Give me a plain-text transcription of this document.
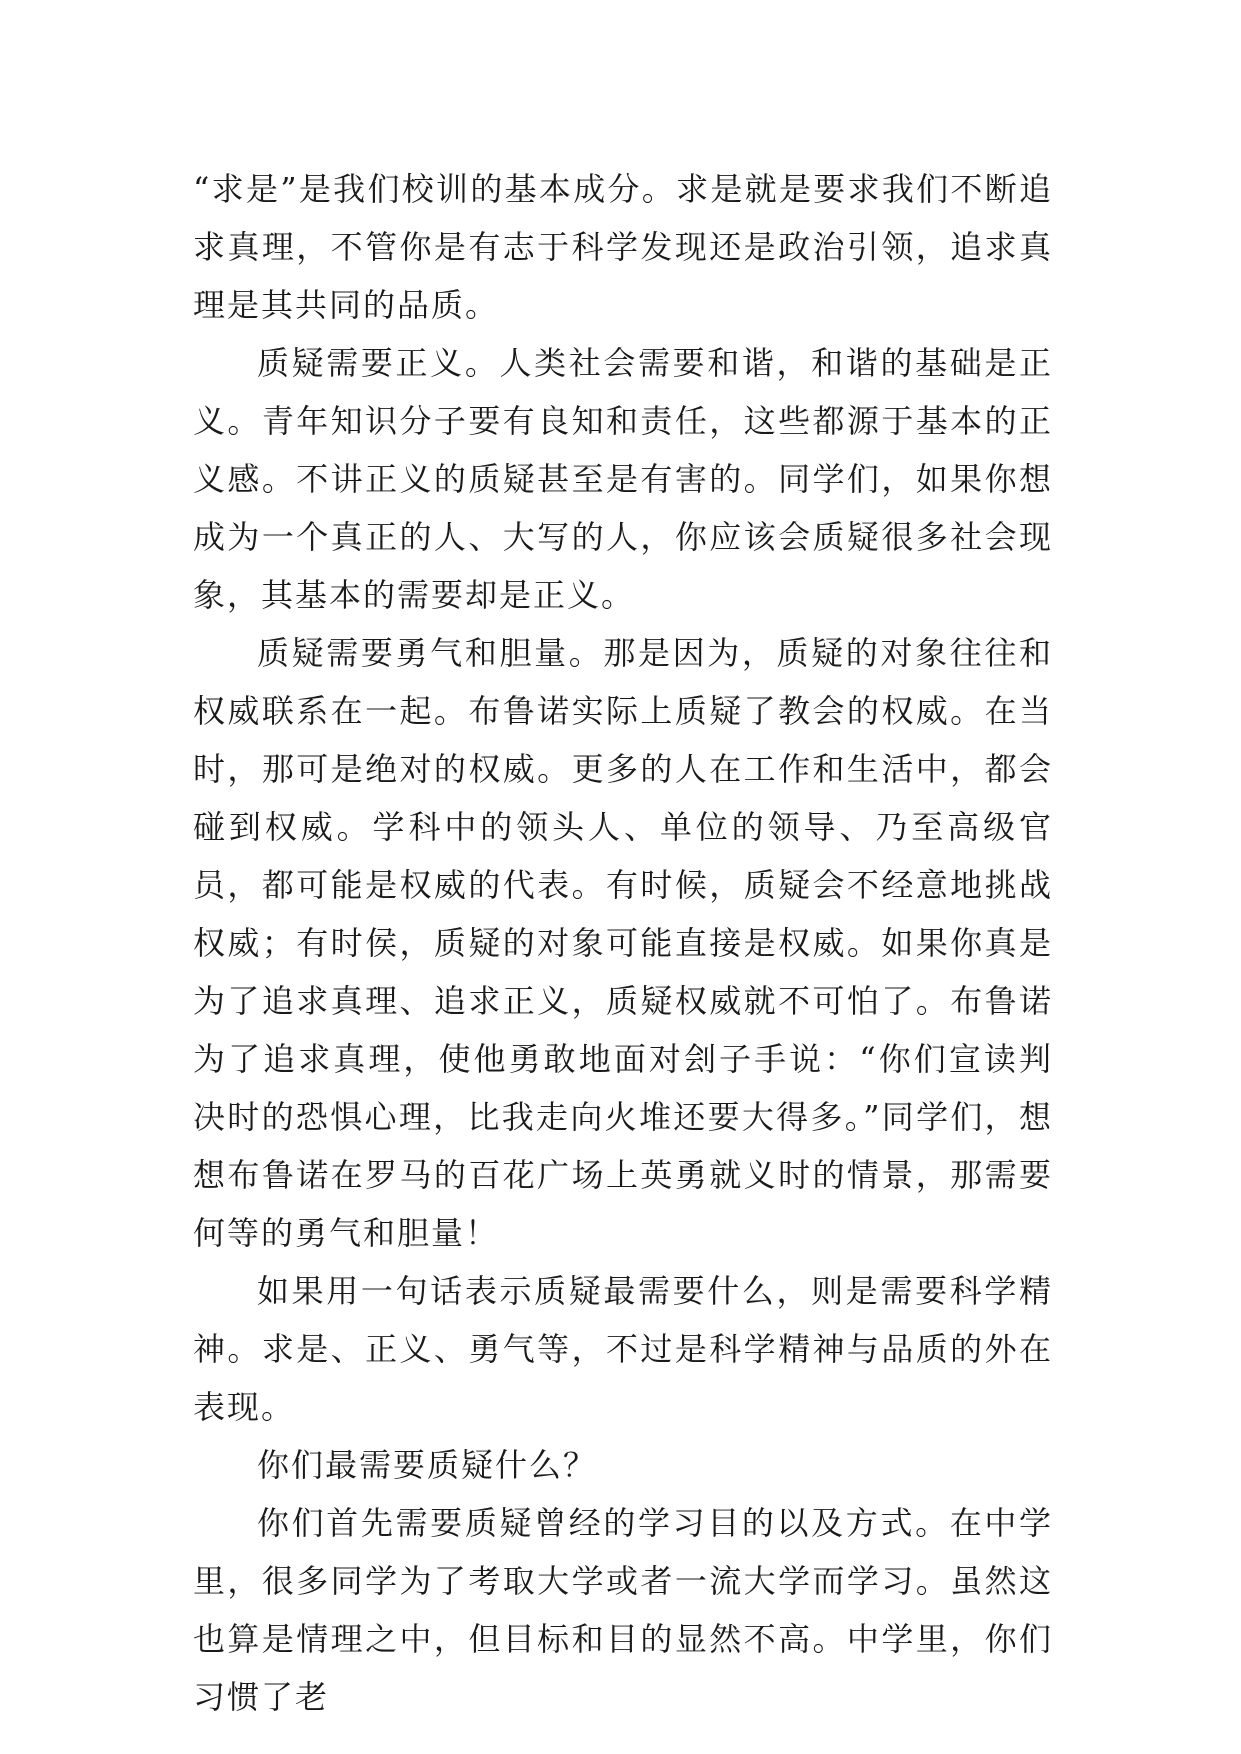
“求是”是我们校训的基本成分。求是就是要求我们不断追求真理，不管你是有志于科学发现还是政治引领，追求真理是其共同的品质。

质疑需要正义。人类社会需要和谐，和谐的基础是正义。青年知识分子要有良知和责任，这些都源于基本的正义感。不讲正义的质疑甚至是有害的。同学们，如果你想成为一个真正的人、大写的人，你应该会质疑很多社会现象，其基本的需要却是正义。

质疑需要勇气和胆量。那是因为，质疑的对象往往和权威联系在一起。布鲁诺实际上质疑了教会的权威。在当时，那可是绝对的权威。更多的人在工作和生活中，都会碰到权威。学科中的领头人、单位的领导、乃至高级官员，都可能是权威的代表。有时候，质疑会不经意地挑战权威；有时侯，质疑的对象可能直接是权威。如果你真是为了追求真理、追求正义，质疑权威就不可怕了。布鲁诺为了追求真理，使他勇敢地面对刽子手说：“你们宣读判决时的恐惧心理，比我走向火堆还要大得多。”同学们，想想布鲁诺在罗马的百花广场上英勇就义时的情景，那需要何等的勇气和胆量！

如果用一句话表示质疑最需要什么，则是需要科学精神。求是、正义、勇气等，不过是科学精神与品质的外在表现。

你们最需要质疑什么？

你们首先需要质疑曾经的学习目的以及方式。在中学里，很多同学为了考取大学或者一流大学而学习。虽然这也算是情理之中，但目标和目的显然不高。中学里，你们习惯了老
